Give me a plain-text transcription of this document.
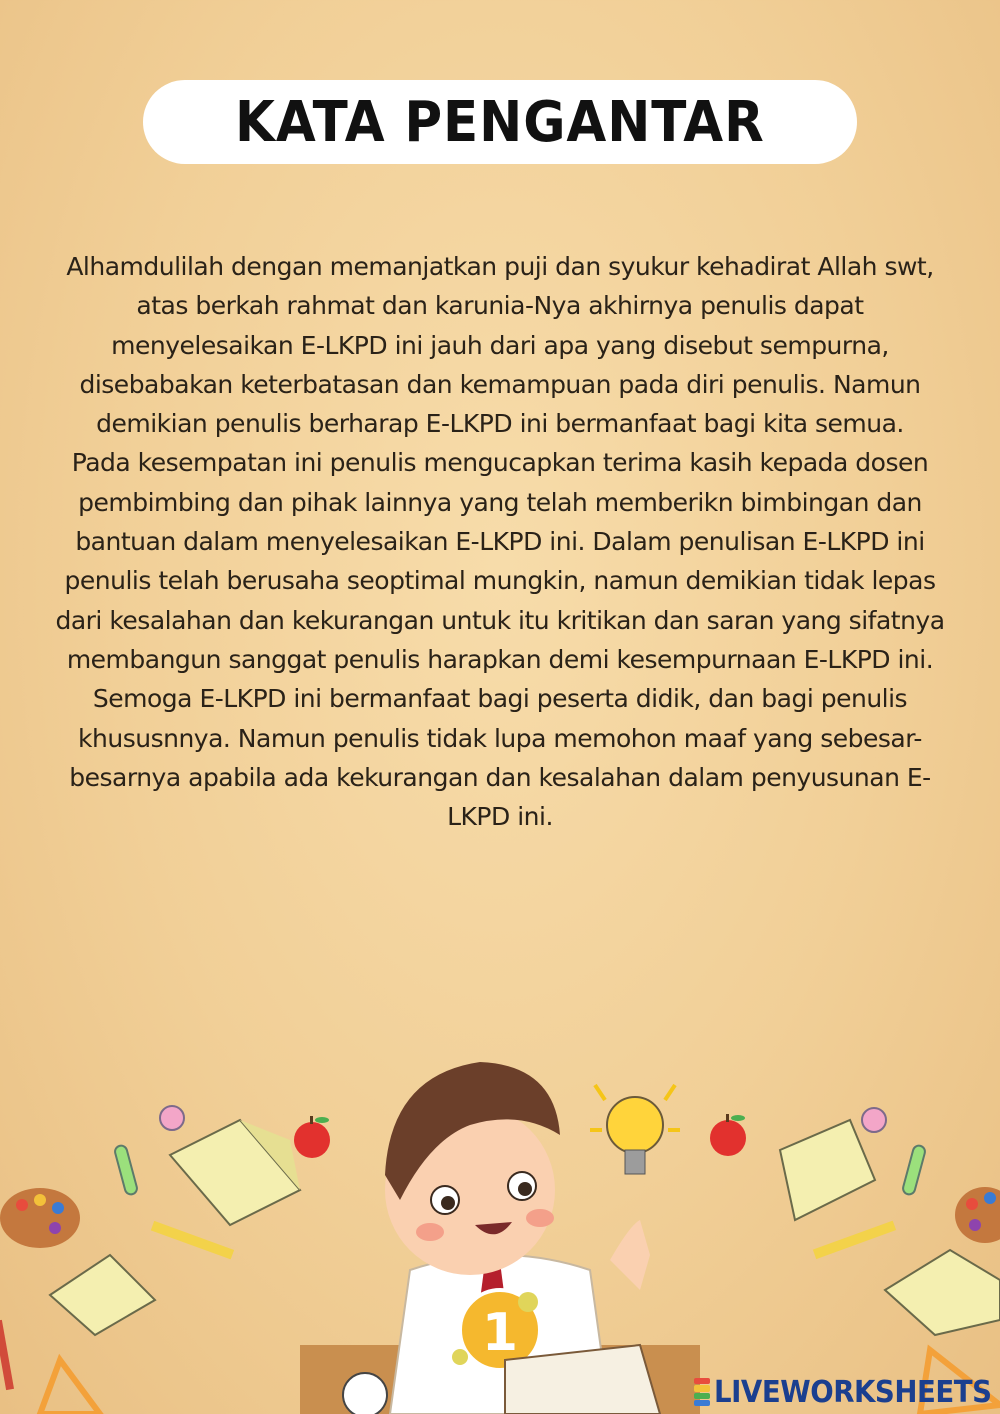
KATA PENGANTAR

Alhamdulilah dengan memanjatkan puji dan syukur kehadirat Allah swt, atas berkah rahmat dan karunia-Nya akhirnya penulis dapat menyelesaikan E-LKPD ini jauh dari apa yang disebut sempurna, disebabakan keterbatasan dan kemampuan pada diri penulis. Namun demikian penulis berharap E-LKPD ini bermanfaat bagi kita semua.

Pada kesempatan ini penulis mengucapkan terima kasih kepada dosen pembimbing dan pihak lainnya yang telah memberikn bimbingan dan bantuan dalam menyelesaikan E-LKPD ini. Dalam penulisan E-LKPD ini penulis telah berusaha seoptimal mungkin, namun demikian tidak lepas dari kesalahan dan kekurangan untuk itu kritikan dan saran yang sifatnya membangun sanggat penulis harapkan demi kesempurnaan E-LKPD ini.

Semoga E-LKPD ini bermanfaat bagi peserta didik, dan bagi penulis khususnnya. Namun penulis tidak lupa memohon maaf yang sebesar-besarnya apabila ada kekurangan dan kesalahan dalam penyusunan E-LKPD ini.

1
LIVEWORKSHEETS
